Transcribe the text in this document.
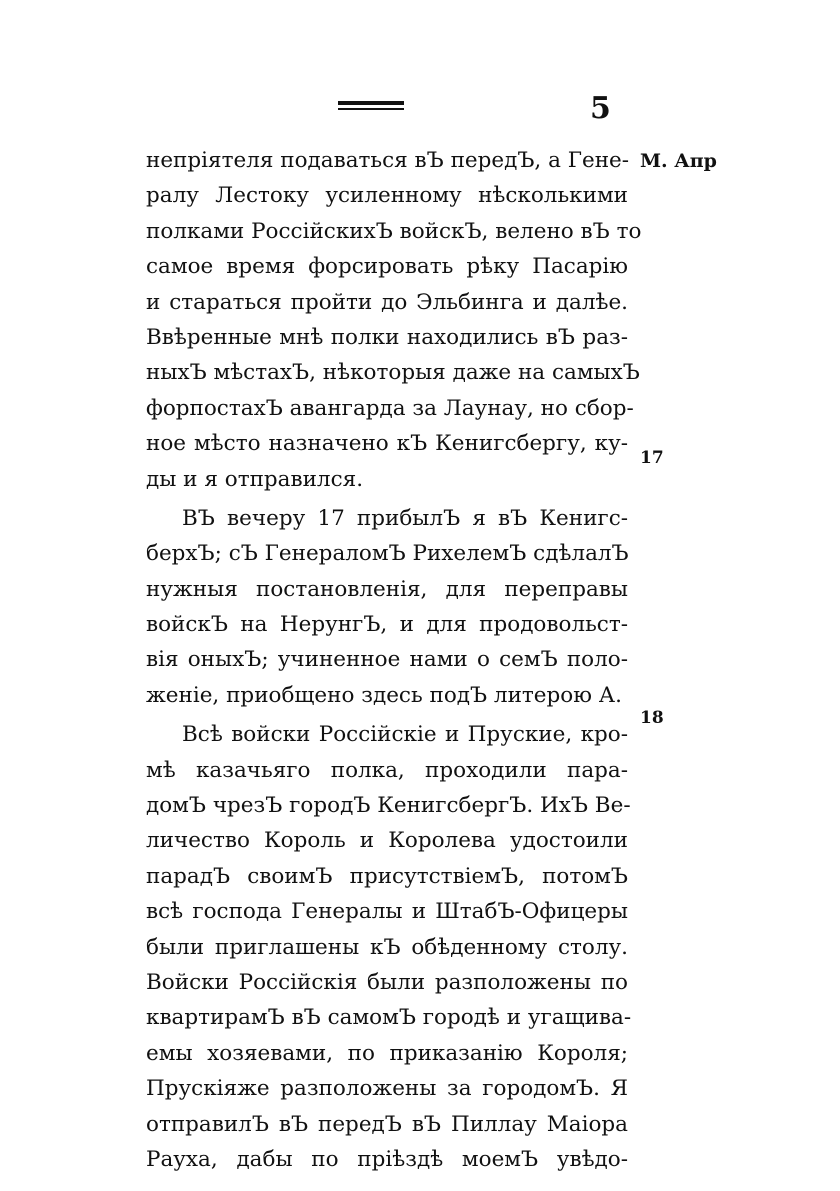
5
М. Апр
17
18
непріятеля подаваться вЪ передЪ, а Гене-
ралу Лестоку усиленному нѣсколькими
полками РоссійскихЪ войскЪ, велено вЪ то
самое время форсировать рѣку Пасарію
и стараться пройти до Эльбинга и далѣе.
Ввѣренные мнѣ полки находились вЪ раз-
ныхЪ мѣстахЪ, нѣкоторыя даже на самыхЪ
форпостахЪ авангарда за Лаунау, но сбор-
ное мѣсто назначено кЪ Кенигсбергу, ку-
ды и я отправился.
ВЪ вечеру 17 прибылЪ я вЪ Кенигс-
берхЪ; сЪ ГенераломЪ РихелемЪ сдѣлалЪ
нужныя постановленія, для переправы
войскЪ на НерунгЪ, и для продовольст-
вія оныхЪ; учиненное нами о семЪ поло-
женіе, приобщено здесь подЪ литерою А.
Всѣ войски Россійскіе и Пруские, кро-
мѣ казачьяго полка, проходили пара-
домЪ чрезЪ городЪ КенигсбергЪ. ИхЪ Ве-
личество Король и Королева удостоили
парадЪ своимЪ присутствіемЪ, потомЪ
всѣ господа Генералы и ШтабЪ-Офицеры
были приглашены кЪ обѣденному столу.
Войски Россійскія были разположены по
квартирамЪ вЪ самомЪ городѣ и угащива-
емы хозяевами, по приказанію Короля;
Прускіяже разположены за городомЪ. Я
отправилЪ вЪ передЪ вЪ Пиллау Маіора
Рауха, дабы по пріѣздѣ моемЪ увѣдо-
